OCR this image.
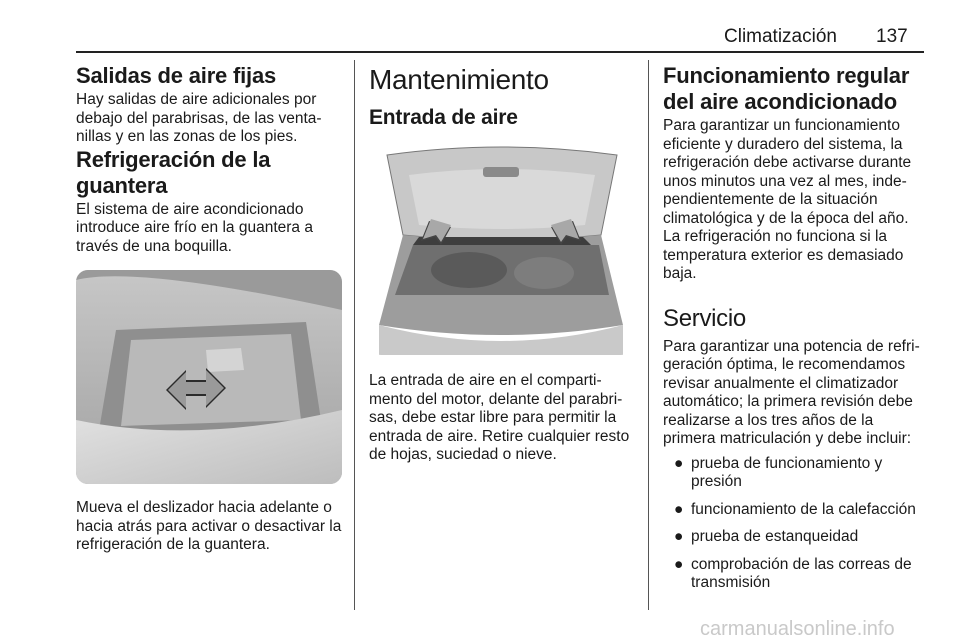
Climatización 137
Salidas de aire fijas

Hay salidas de aire adicionales por debajo del parabrisas, de las venta-nillas y en las zonas de los pies.

Refrigeración de la guantera

El sistema de aire acondicionado introduce aire frío en la guantera a través de una boquilla.

Mueva el deslizador hacia adelante o hacia atrás para activar o desactivar la refrigeración de la guantera.

Mantenimiento
Entrada de aire

La entrada de aire en el comparti-mento del motor, delante del parabri-sas, debe estar libre para permitir la entrada de aire. Retire cualquier resto de hojas, suciedad o nieve.

Funcionamiento regular del aire acondicionado

Para garantizar un funcionamiento eficiente y duradero del sistema, la refrigeración debe activarse durante unos minutos una vez al mes, inde-pendientemente de la situación climatológica y de la época del año. La refrigeración no funciona si la temperatura exterior es demasiado baja.

Servicio

Para garantizar una potencia de refri-geración óptima, le recomendamos revisar anualmente el climatizador automático; la primera revisión debe realizarse a los tres años de la primera matriculación y debe incluir:

● prueba de funcionamiento y presión
● funcionamiento de la calefacción
● prueba de estanqueidad
● comprobación de las correas de transmisión
carmanualsonline.info
